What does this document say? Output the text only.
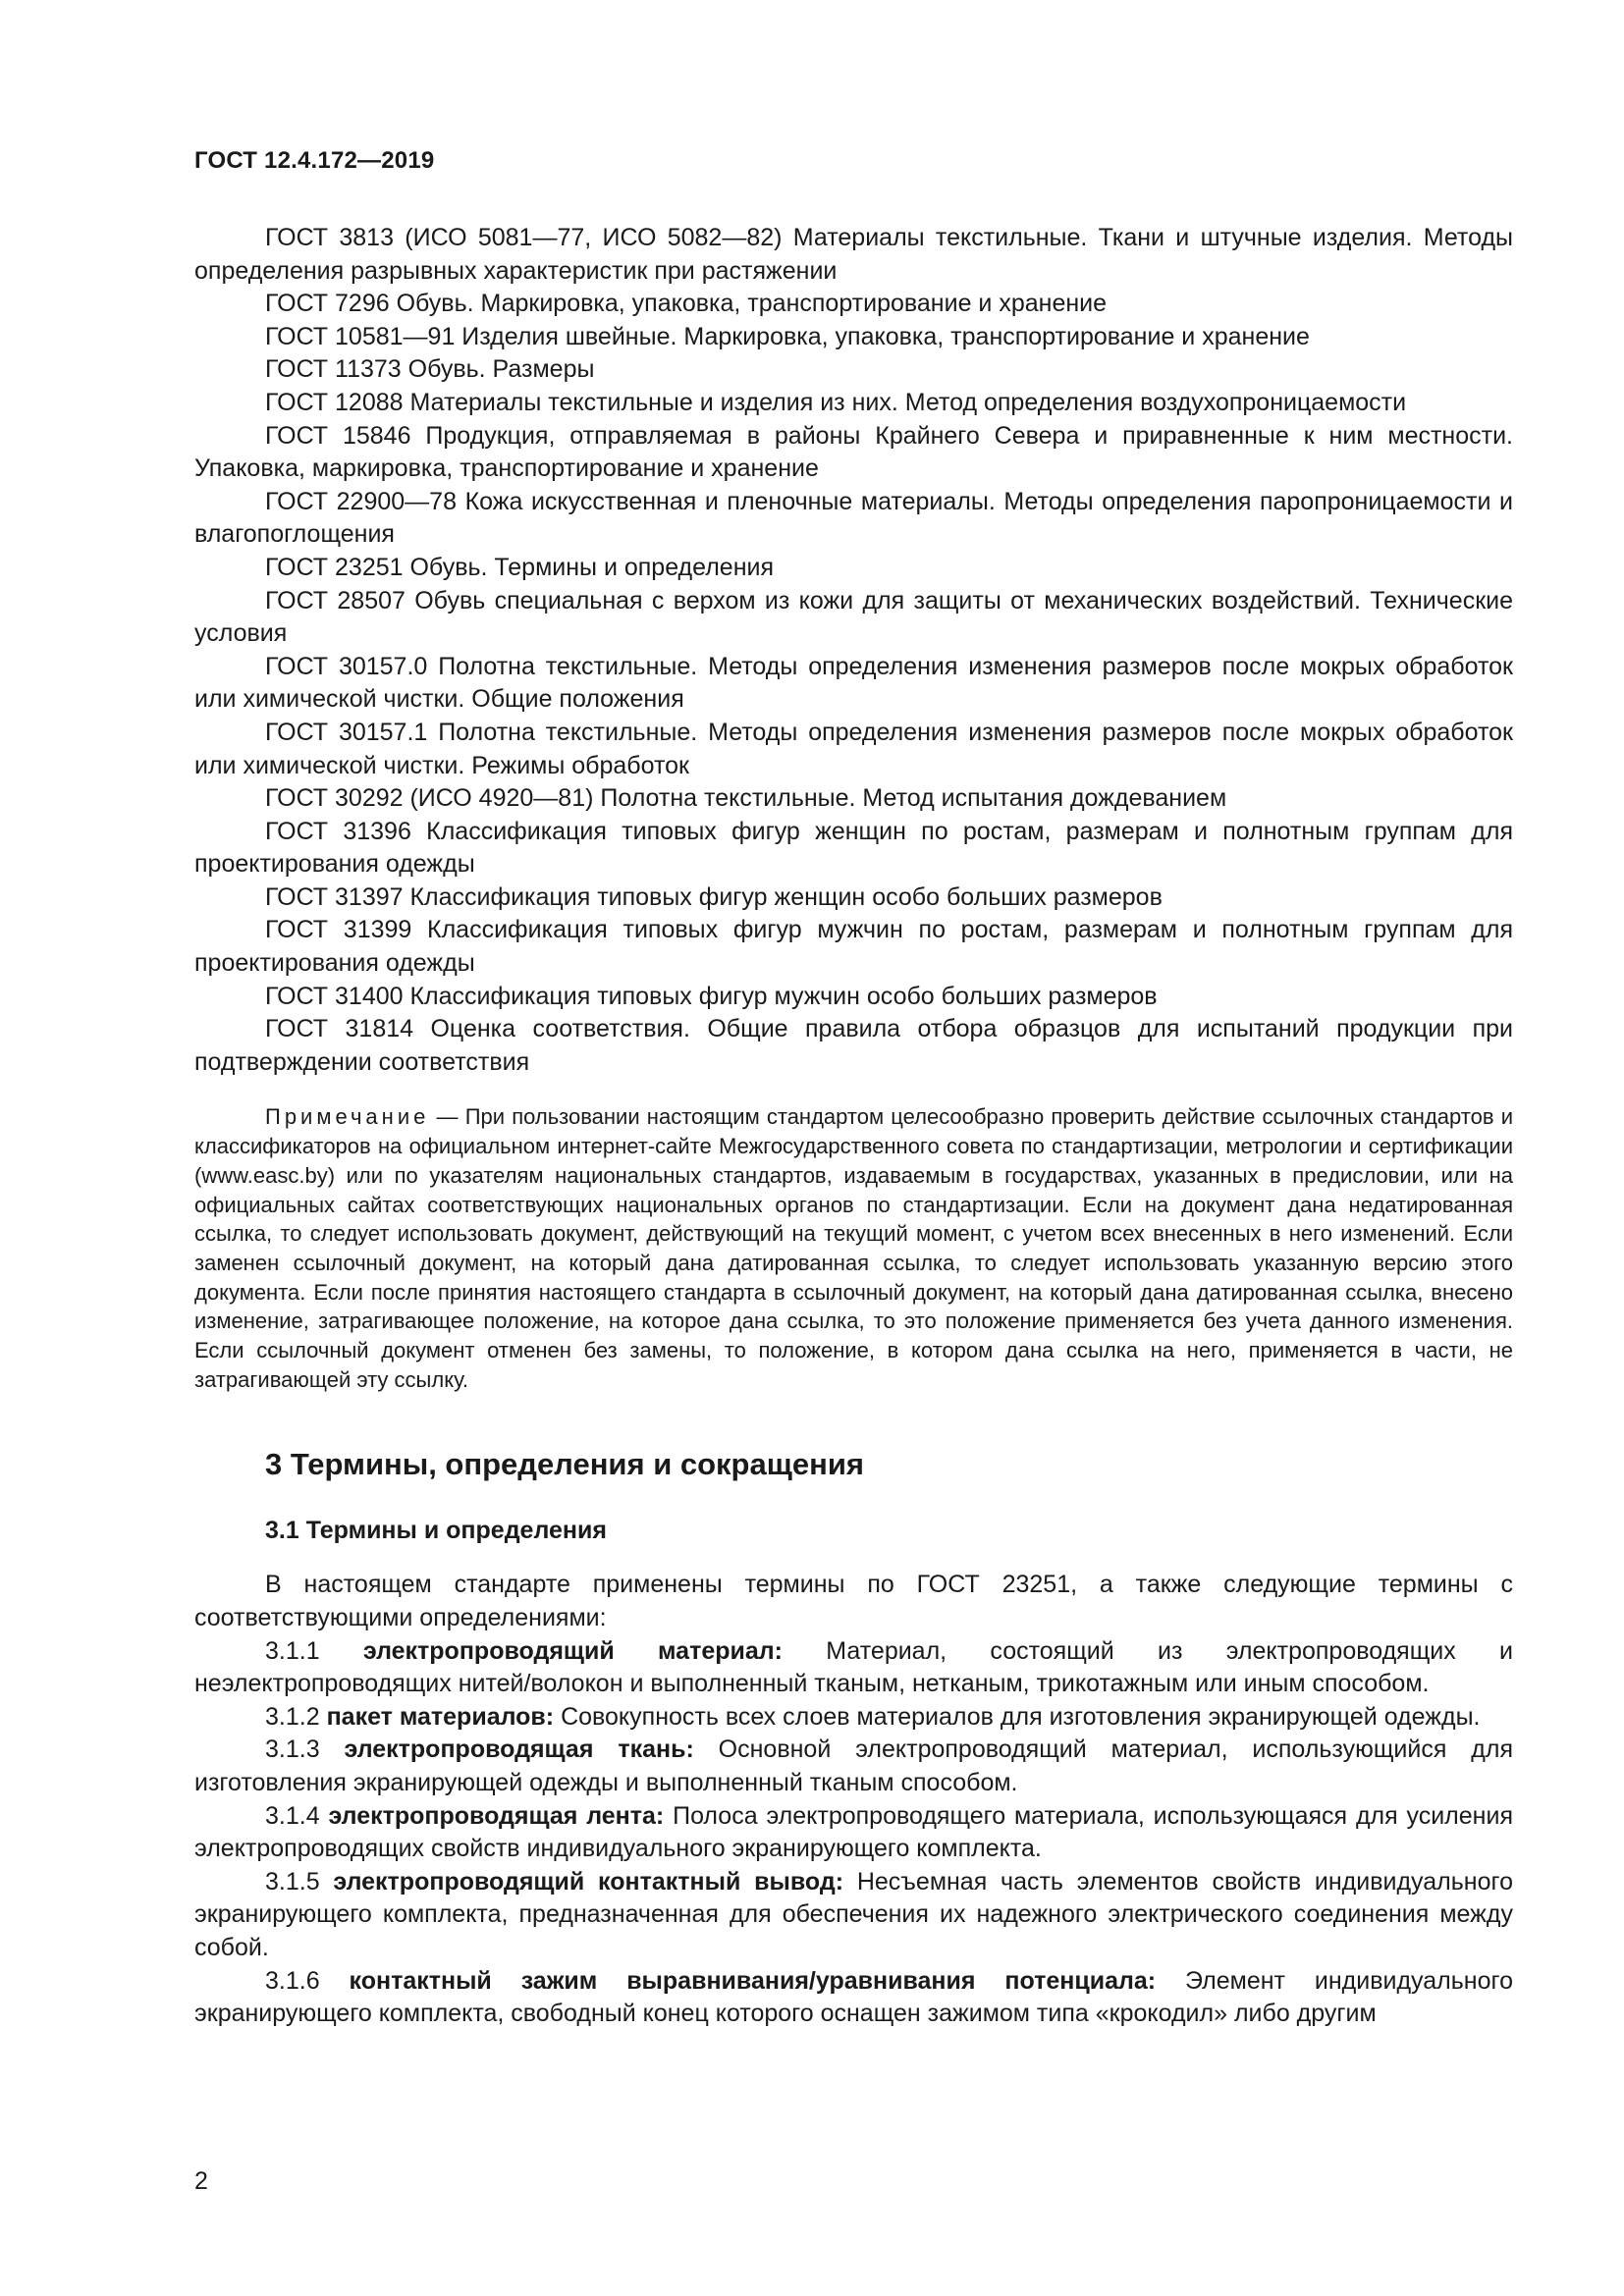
ГОСТ 12.4.172—2019

ГОСТ 3813 (ИСО 5081—77, ИСО 5082—82) Материалы текстильные. Ткани и штучные изделия. Методы определения разрывных характеристик при растяжении

ГОСТ 7296 Обувь. Маркировка, упаковка, транспортирование и хранение

ГОСТ 10581—91 Изделия швейные. Маркировка, упаковка, транспортирование и хранение

ГОСТ 11373 Обувь. Размеры

ГОСТ 12088 Материалы текстильные и изделия из них. Метод определения воздухопроницаемости

ГОСТ 15846 Продукция, отправляемая в районы Крайнего Севера и приравненные к ним местности. Упаковка, маркировка, транспортирование и хранение

ГОСТ 22900—78 Кожа искусственная и пленочные материалы. Методы определения паропроницаемости и влагопоглощения

ГОСТ 23251 Обувь. Термины и определения

ГОСТ 28507 Обувь специальная с верхом из кожи для защиты от механических воздействий. Технические условия

ГОСТ 30157.0 Полотна текстильные. Методы определения изменения размеров после мокрых обработок или химической чистки. Общие положения

ГОСТ 30157.1 Полотна текстильные. Методы определения изменения размеров после мокрых обработок или химической чистки. Режимы обработок

ГОСТ 30292 (ИСО 4920—81) Полотна текстильные. Метод испытания дождеванием

ГОСТ 31396 Классификация типовых фигур женщин по ростам, размерам и полнотным группам для проектирования одежды

ГОСТ 31397 Классификация типовых фигур женщин особо больших размеров

ГОСТ 31399 Классификация типовых фигур мужчин по ростам, размерам и полнотным группам для проектирования одежды

ГОСТ 31400 Классификация типовых фигур мужчин особо больших размеров

ГОСТ 31814 Оценка соответствия. Общие правила отбора образцов для испытаний продукции при подтверждении соответствия

Примечание — При пользовании настоящим стандартом целесообразно проверить действие ссылочных стандартов и классификаторов на официальном интернет-сайте Межгосударственного совета по стандартизации, метрологии и сертификации (www.easc.by) или по указателям национальных стандартов, издаваемым в государствах, указанных в предисловии, или на официальных сайтах соответствующих национальных органов по стандартизации. Если на документ дана недатированная ссылка, то следует использовать документ, действующий на текущий момент, с учетом всех внесенных в него изменений. Если заменен ссылочный документ, на который дана датированная ссылка, то следует использовать указанную версию этого документа. Если после принятия настоящего стандарта в ссылочный документ, на который дана датированная ссылка, внесено изменение, затрагивающее положение, на которое дана ссылка, то это положение применяется без учета данного изменения. Если ссылочный документ отменен без замены, то положение, в котором дана ссылка на него, применяется в части, не затрагивающей эту ссылку.

3 Термины, определения и сокращения
3.1 Термины и определения

В настоящем стандарте применены термины по ГОСТ 23251, а также следующие термины с соответствующими определениями:

3.1.1 электропроводящий материал: Материал, состоящий из электропроводящих и неэлектропроводящих нитей/волокон и выполненный тканым, нетканым, трикотажным или иным способом.

3.1.2 пакет материалов: Совокупность всех слоев материалов для изготовления экранирующей одежды.

3.1.3 электропроводящая ткань: Основной электропроводящий материал, использующийся для изготовления экранирующей одежды и выполненный тканым способом.

3.1.4 электропроводящая лента: Полоса электропроводящего материала, использующаяся для усиления электропроводящих свойств индивидуального экранирующего комплекта.

3.1.5 электропроводящий контактный вывод: Несъемная часть элементов свойств индивидуального экранирующего комплекта, предназначенная для обеспечения их надежного электрического соединения между собой.

3.1.6 контактный зажим выравнивания/уравнивания потенциала: Элемент индивидуального экранирующего комплекта, свободный конец которого оснащен зажимом типа «крокодил» либо другим

2
